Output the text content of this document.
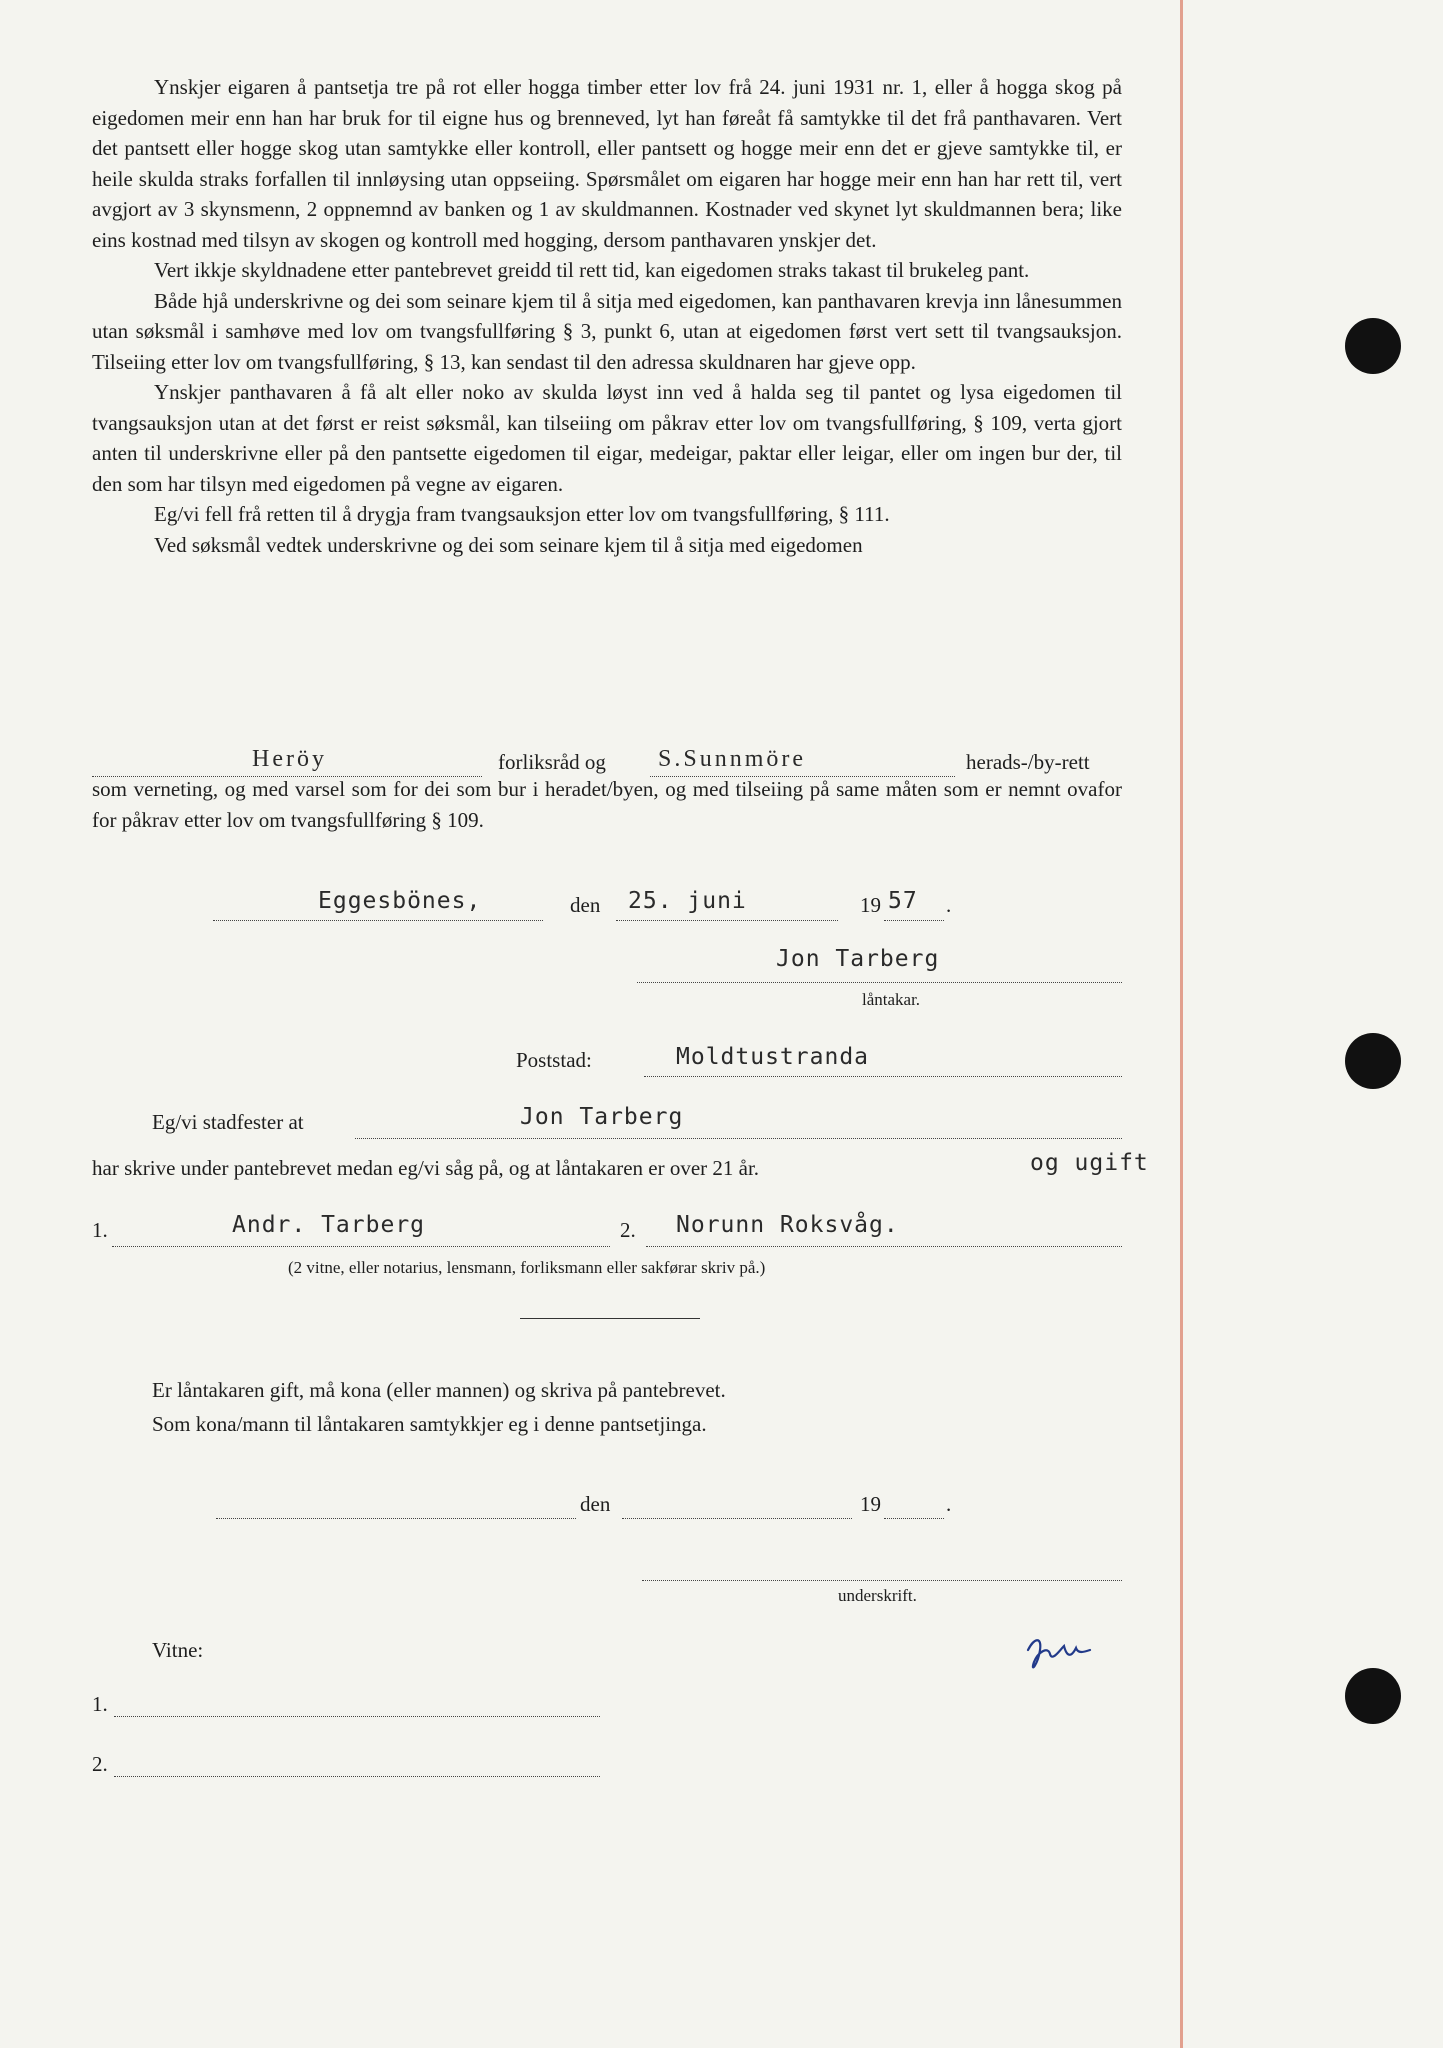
Ynskjer eigaren å pantsetja tre på rot eller hogga timber etter lov frå 24. juni 1931 nr. 1, eller å hogga skog på eigedomen meir enn han har bruk for til eigne hus og brenneved, lyt han føreåt få samtykke til det frå panthavaren. Vert det pantsett eller hogge skog utan samtykke eller kontroll, eller pantsett og hogge meir enn det er gjeve samtykke til, er heile skulda straks forfallen til innløysing utan oppseiing. Spørsmålet om eigaren har hogge meir enn han har rett til, vert avgjort av 3 skynsmenn, 2 oppnemnd av banken og 1 av skuldmannen. Kostnader ved skynet lyt skuldmannen bera; like eins kostnad med tilsyn av skogen og kontroll med hogging, dersom panthavaren ynskjer det.

Vert ikkje skyldnadene etter pantebrevet greidd til rett tid, kan eigedomen straks takast til brukeleg pant.

Både hjå underskrivne og dei som seinare kjem til å sitja med eigedomen, kan panthavaren krevja inn lånesummen utan søksmål i samhøve med lov om tvangsfullføring § 3, punkt 6, utan at eigedomen først vert sett til tvangsauksjon. Tilseiing etter lov om tvangsfullføring, § 13, kan sendast til den adressa skuldnaren har gjeve opp.

Ynskjer panthavaren å få alt eller noko av skulda løyst inn ved å halda seg til pantet og lysa eigedomen til tvangsauksjon utan at det først er reist søksmål, kan tilseiing om påkrav etter lov om tvangsfullføring, § 109, verta gjort anten til underskrivne eller på den pantsette eigedomen til eigar, medeigar, paktar eller leigar, eller om ingen bur der, til den som har tilsyn med eigedomen på vegne av eigaren.

Eg/vi fell frå retten til å drygja fram tvangsauksjon etter lov om tvangsfullføring, § 111.

Ved søksmål vedtek underskrivne og dei som seinare kjem til å sitja med eigedomen

Heröy	forliksråd og S.Sunnmöre	herads-/by-rett

som verneting, og med varsel som for dei som bur i heradet/byen, og med tilseiing på same måten som er nemnt ovafor for påkrav etter lov om tvangsfullføring § 109.

Eggesbönes,	den 25. juni	19 57 .
Jon Tarberg
låntakar.
Poststad:	Moldtustranda
Eg/vi stadfester at	Jon Tarberg
har skrive under pantebrevet medan eg/vi såg på, og at låntakaren er over 21 år.	og ugift
1.	Andr. Tarberg	2. Norunn Roksvåg.
(2 vitne, eller notarius, lensmann, forliksmann eller sakførar skriv på.)
Er låntakaren gift, må kona (eller mannen) og skriva på pantebrevet.
Som kona/mann til låntakaren samtykkjer eg i denne pantsetjinga.
den	19	.
underskrift.
Vitne:
1.
2.
